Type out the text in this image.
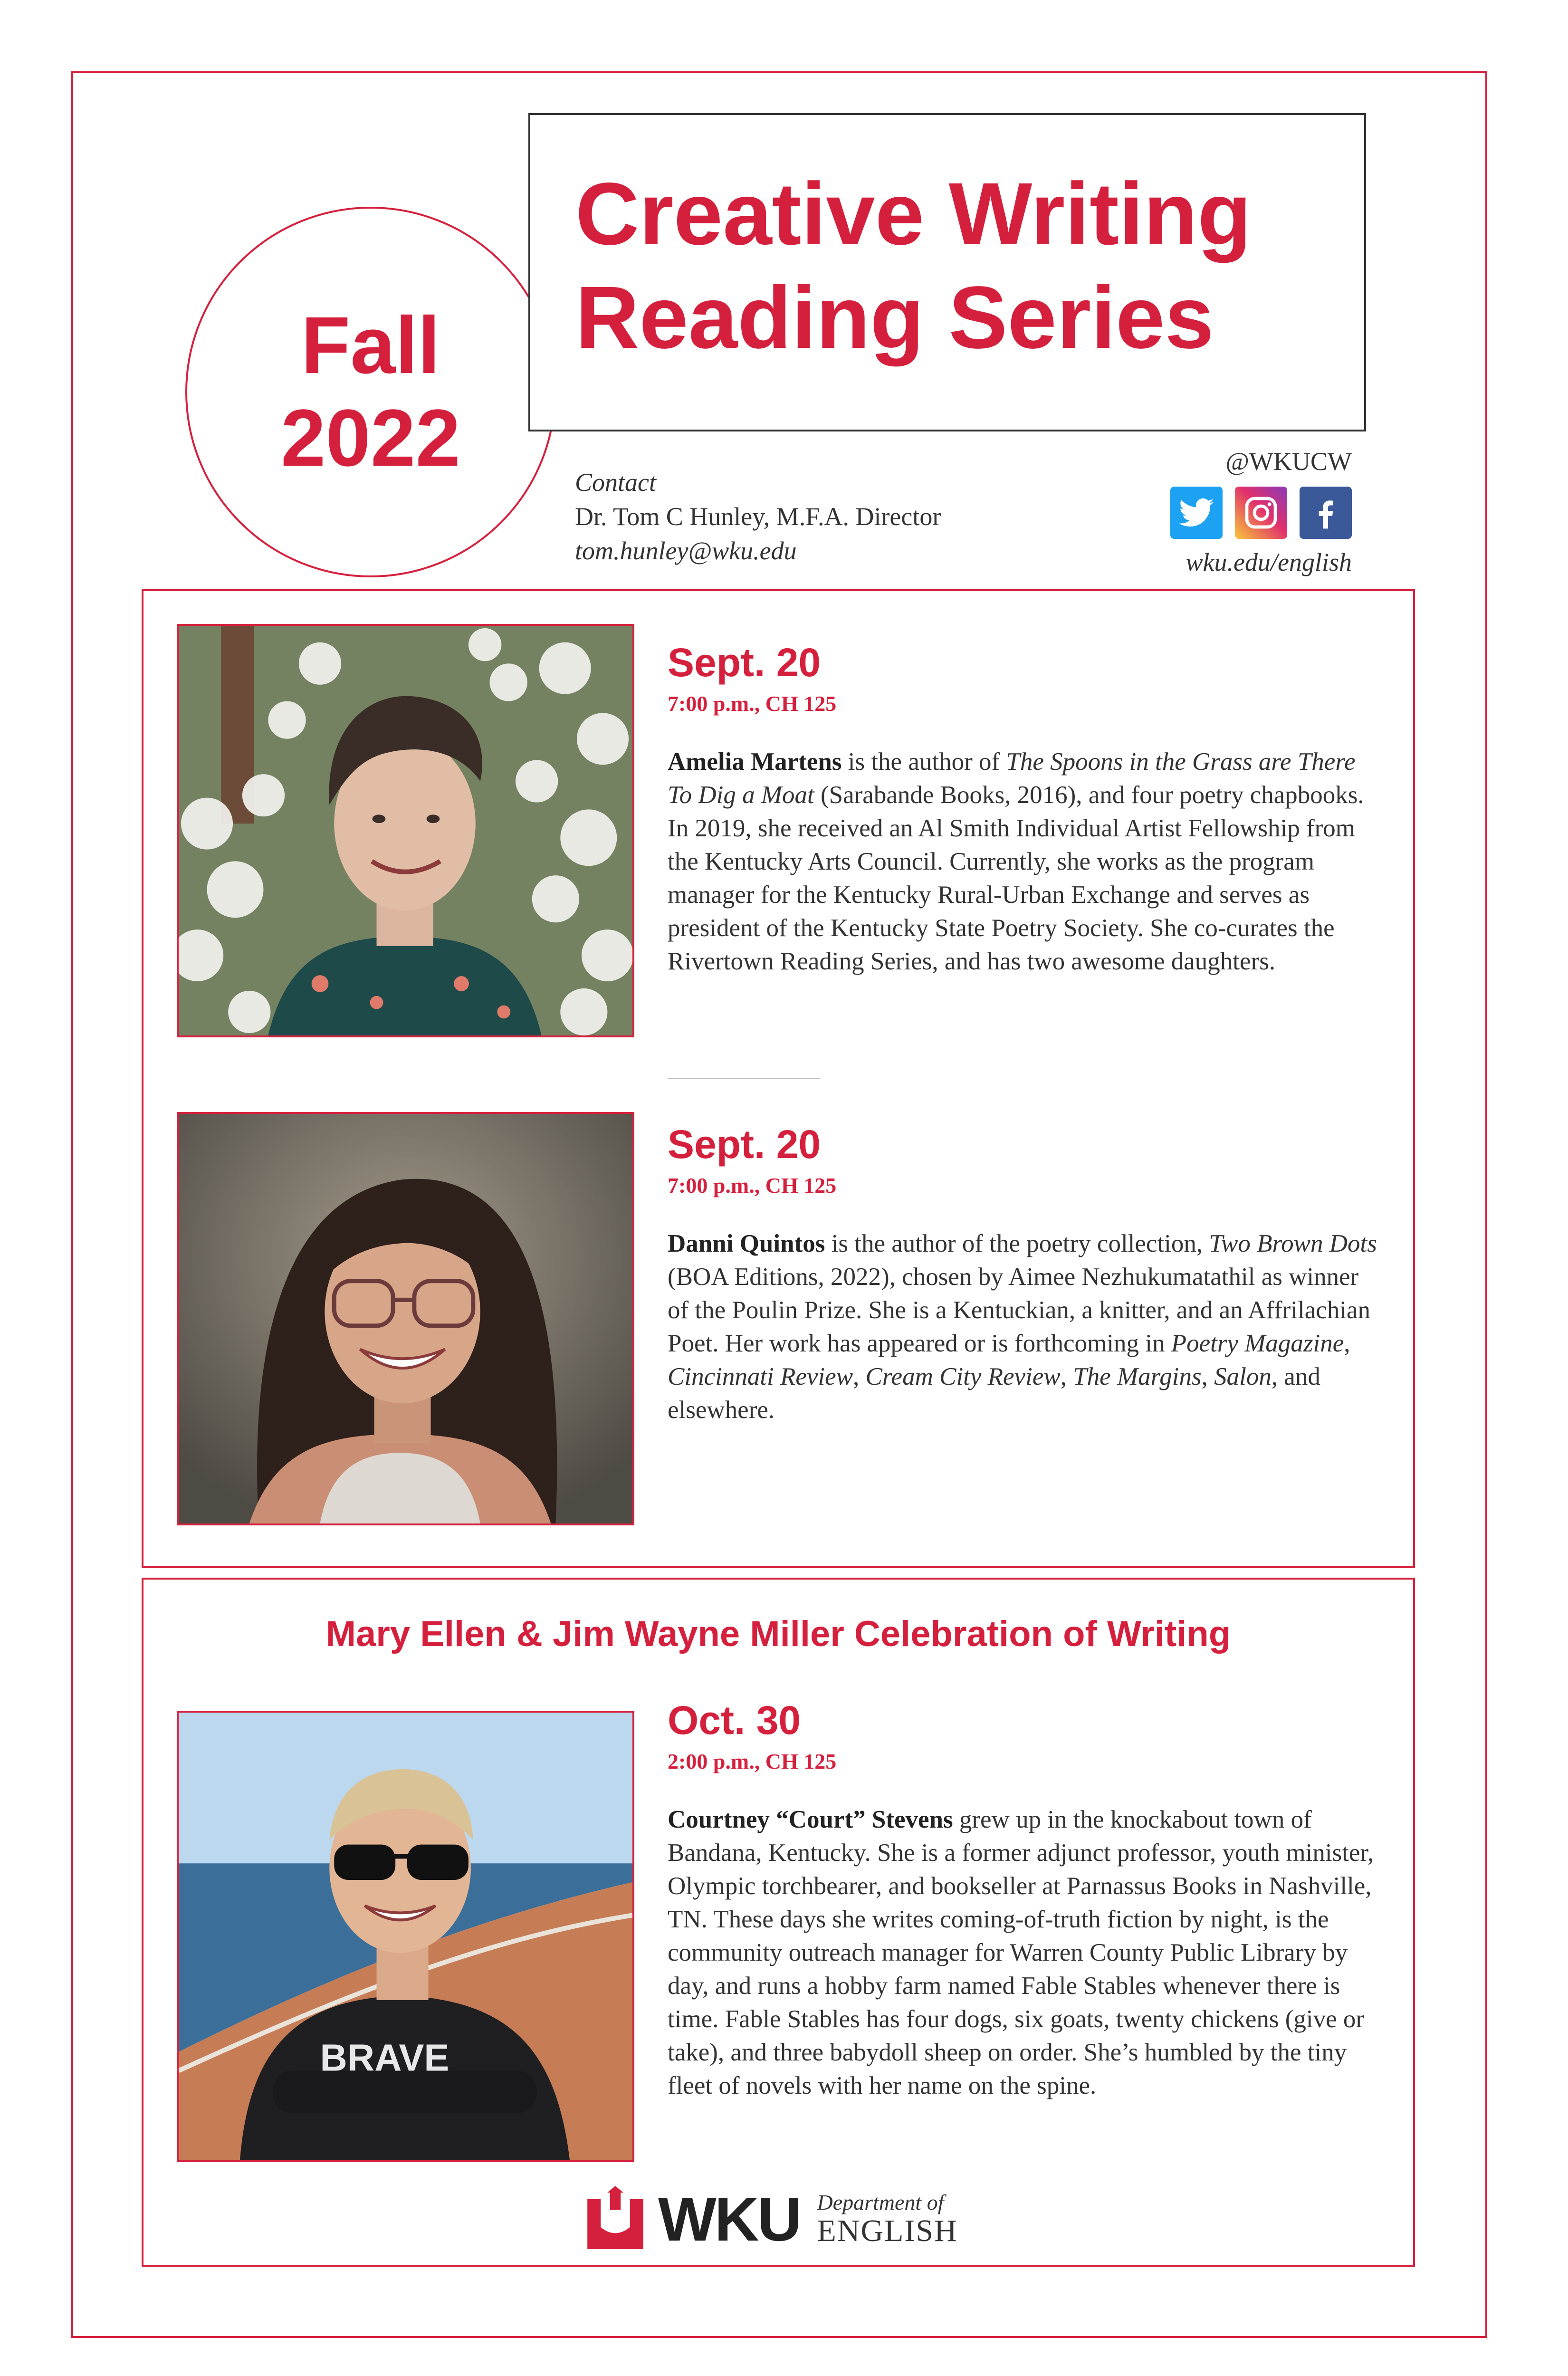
Fall
2022
Creative Writing
Reading Series
Contact
Dr. Tom C Hunley, M.F.A. Director
tom.hunley@wku.edu
@WKUCW
wku.edu/english
Sept. 20
7:00 p.m., CH 125
Amelia Martens is the author of The Spoons in the Grass are There To Dig a Moat (Sarabande Books, 2016), and four poetry chapbooks. In 2019, she received an Al Smith Individual Artist Fellowship from the Kentucky Arts Council. Currently, she works as the program manager for the Kentucky Rural-Urban Exchange and serves as president of the Kentucky State Poetry Society. She co-curates the Rivertown Reading Series, and has two awesome daughters.
Sept. 20
7:00 p.m., CH 125
Danni Quintos is the author of the poetry collection, Two Brown Dots (BOA Editions, 2022), chosen by Aimee Nezhukumatathil as winner of the Poulin Prize. She is a Kentuckian, a knitter, and an Affrilachian Poet. Her work has appeared or is forthcoming in Poetry Magazine, Cincinnati Review, Cream City Review, The Margins, Salon, and elsewhere.
Mary Ellen & Jim Wayne Miller Celebration of Writing
BRAVE
Oct. 30
2:00 p.m., CH 125
Courtney “Court” Stevens grew up in the knockabout town of Bandana, Kentucky. She is a former adjunct professor, youth minister, Olympic torchbearer, and bookseller at Parnassus Books in Nashville, TN. These days she writes coming-of-truth fiction by night, is the community outreach manager for Warren County Public Library by day, and runs a hobby farm named Fable Stables whenever there is time. Fable Stables has four dogs, six goats, twenty chickens (give or take), and three babydoll sheep on order. She’s humbled by the tiny fleet of novels with her name on the spine.
WKU Department of
ENGLISH
